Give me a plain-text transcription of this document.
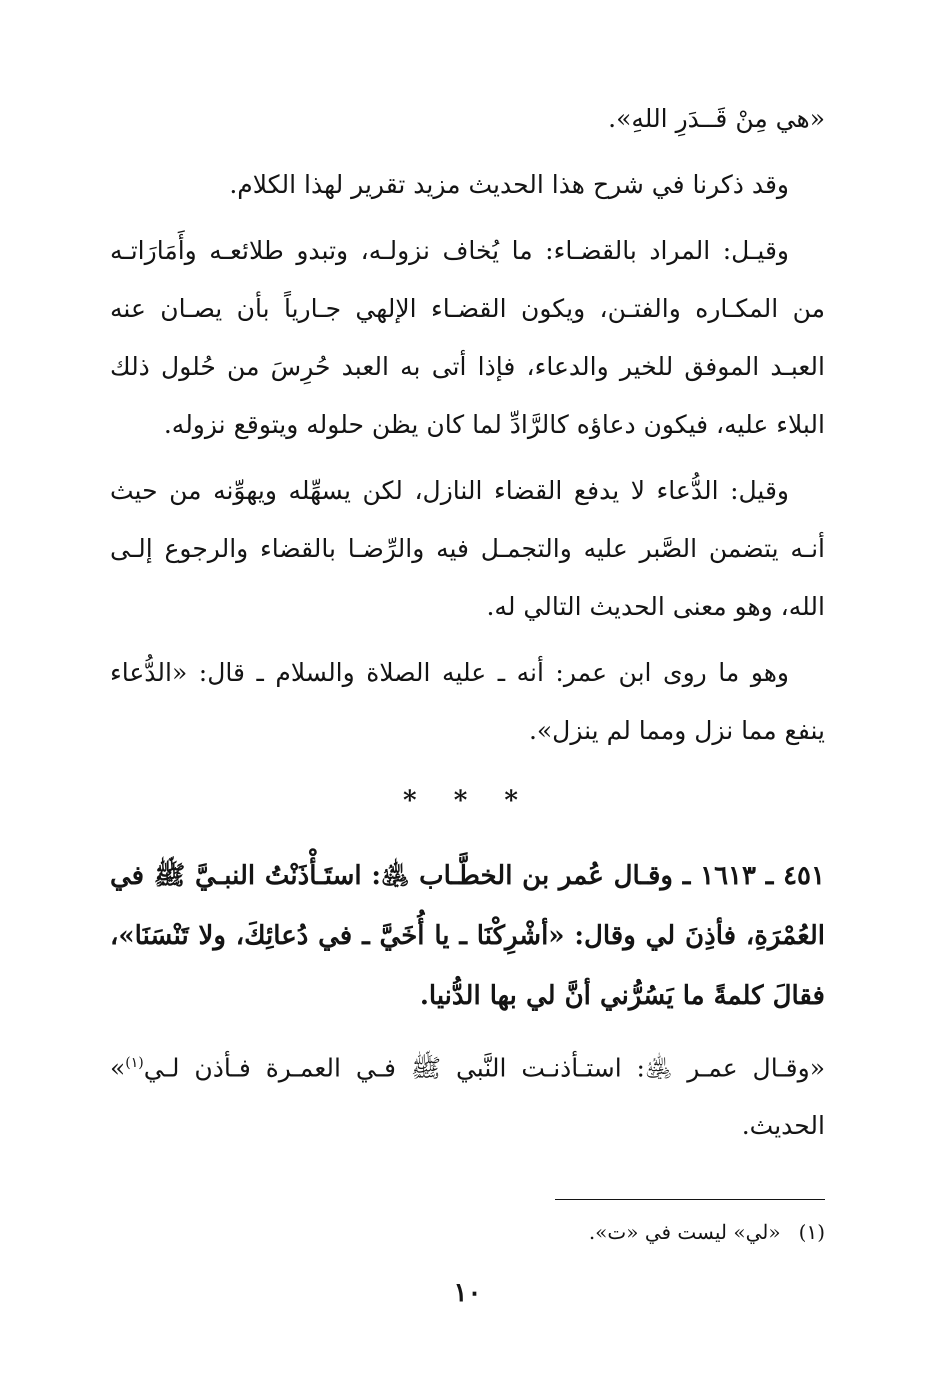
«هي مِنْ قَــدَرِ اللهِ».

وقد ذكرنا في شرح هذا الحديث مزيد تقرير لهذا الكلام.

وقيـل: المراد بالقضـاء: ما يُخاف نزولـه، وتبدو طلائعـه وأَمَارَاتـه من المكـاره والفتـن، ويكون القضـاء الإلهي جـارياً بأن يصـان عنه العبـد الموفق للخير والدعاء، فإذا أتى به العبد حُرِسَ من حُلول ذلك البلاء عليه، فيكون دعاؤه كالرَّادِّ لما كان يظن حلوله ويتوقع نزوله.

وقيل: الدُّعاء لا يدفع القضاء النازل، لكن يسهِّله ويهوِّنه من حيث أنـه يتضمن الصَّبر عليه والتجمـل فيه والرِّضـا بالقضاء والرجوع إلـى الله، وهو معنى الحديث التالي له.

وهو ما روى ابن عمر: أنه ـ عليه الصلاة والسلام ـ قال: «الدُّعاء ينفع مما نزل ومما لم ينزل».

* * *

٤٥١ ـ ١٦١٣ ـ وقـال عُمر بن الخطَّـاب ﵁: استَـأْذَنْتُ النبـيَّ ﷺ في العُمْرَةِ، فأذِنَ لي وقال: «أشْرِكْنَا ـ يا أُخَيَّ ـ في دُعائِكَ، ولا تَنْسَنَا»، فقالَ كلمةً ما يَسُرُّني أنَّ لي بها الدُّنيا.

«وقـال عمـر ﵁: استـأذنـت النَّبي ﷺ فـي العمـرة فـأذن لـي$^{(١)}$» الحديث.

(١)«لي» ليست في «ت».

١٠
